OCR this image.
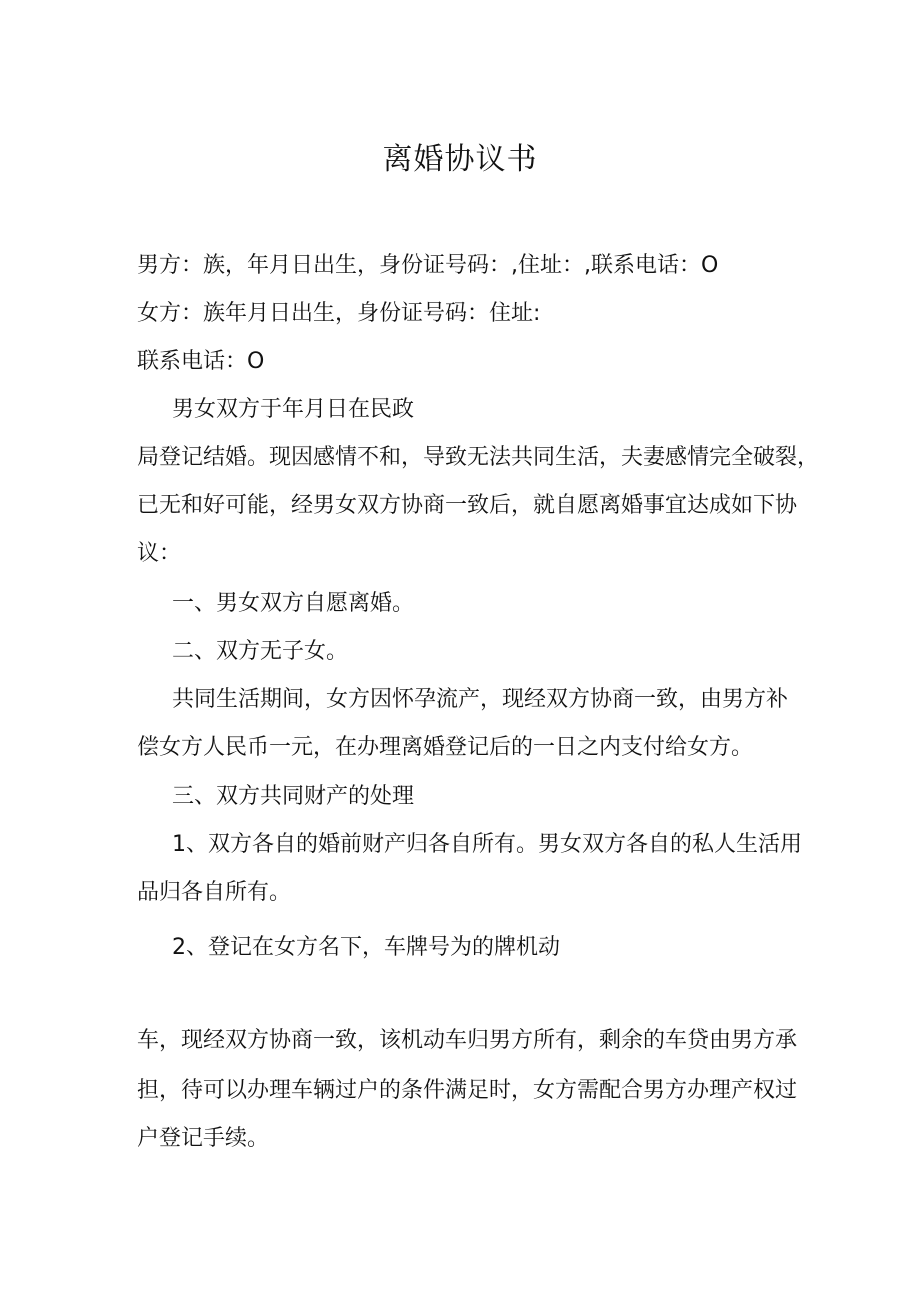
离婚协议书

男方：族，年月日出生，身份证号码：,住址：,联系电话：O

女方：族年月日出生，身份证号码：住址:

联系电话：O

男女双方于年月日在民政

局登记结婚。现因感情不和，导致无法共同生活，夫妻感情完全破裂，

已无和好可能，经男女双方协商一致后，就自愿离婚事宜达成如下协

议：

一、男女双方自愿离婚。

二、双方无子女。

共同生活期间，女方因怀孕流产，现经双方协商一致，由男方补

偿女方人民币一元，在办理离婚登记后的一日之内支付给女方。

三、双方共同财产的处理

1、双方各自的婚前财产归各自所有。男女双方各自的私人生活用

品归各自所有。

2、登记在女方名下，车牌号为的牌机动

车，现经双方协商一致，该机动车归男方所有，剩余的车贷由男方承

担，待可以办理车辆过户的条件满足时，女方需配合男方办理产权过

户登记手续。
